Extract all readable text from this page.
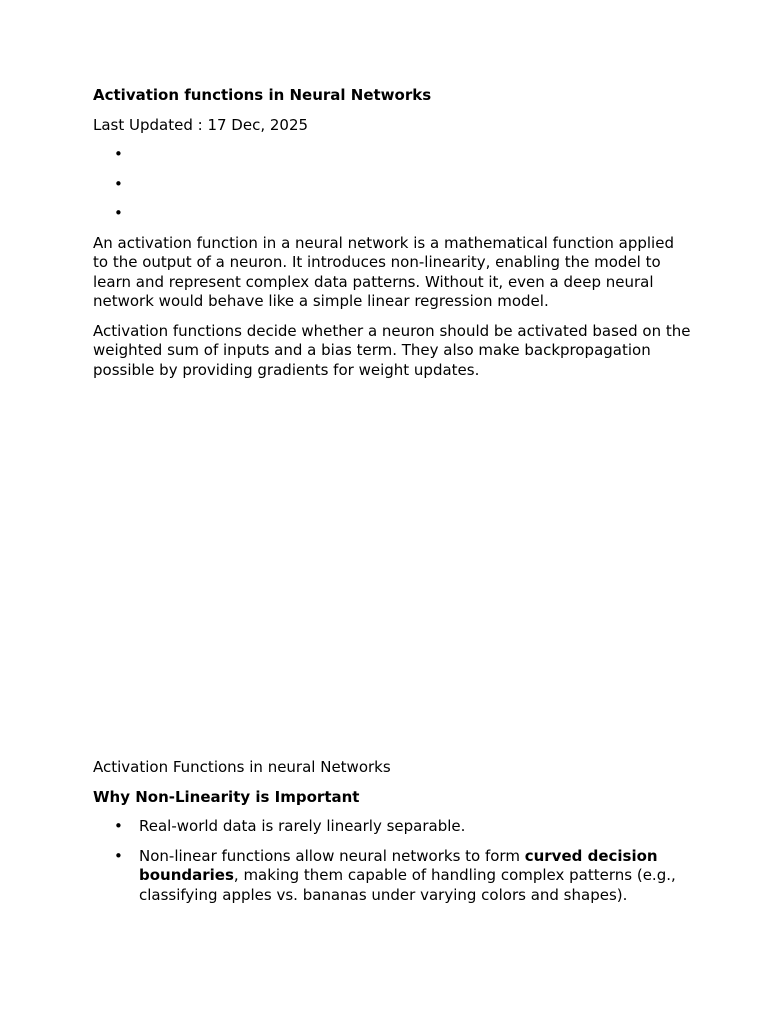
Activation functions in Neural Networks
Last Updated : 17 Dec, 2025
•
•
•

An activation function in a neural network is a mathematical function applied to the output of a neuron. It introduces non-linearity, enabling the model to learn and represent complex data patterns. Without it, even a deep neural network would behave like a simple linear regression model.

Activation functions decide whether a neuron should be activated based on the weighted sum of inputs and a bias term. They also make backpropagation possible by providing gradients for weight updates.

Activation Functions in neural Networks
Why Non-Linearity is Important
• Real-world data is rarely linearly separable.
• Non-linear functions allow neural networks to form curved decision boundaries, making them capable of handling complex patterns (e.g., classifying apples vs. bananas under varying colors and shapes).
